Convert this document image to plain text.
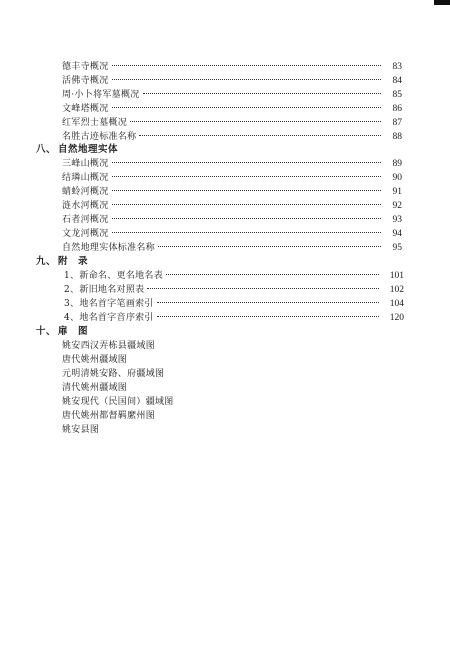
德丰寺概况	83
活佛寺概况	84
周·小卜将军墓概况	85
文峰塔概况	86
红军烈士墓概况	87
名胜古迹标准名称	88
八、 自然地理实体
三峰山概况	89
结璘山概况	90
蜻蛉河概况	91
涟水河概况	92
石者河概况	93
文龙河概况	94
自然地理实体标准名称	95
九、 附　录
1、新命名、更名地名表	101
2、新旧地名对照表	102
3、地名首字笔画索引	104
4、地名首字音序索引	120
十、 扉　图
姚安西汉弄栋县疆域图
唐代姚州疆域图
元明清姚安路、府疆域图
清代姚州疆域图
姚安现代（民国间）疆域图
唐代姚州都督羁縻州图
姚安县图
